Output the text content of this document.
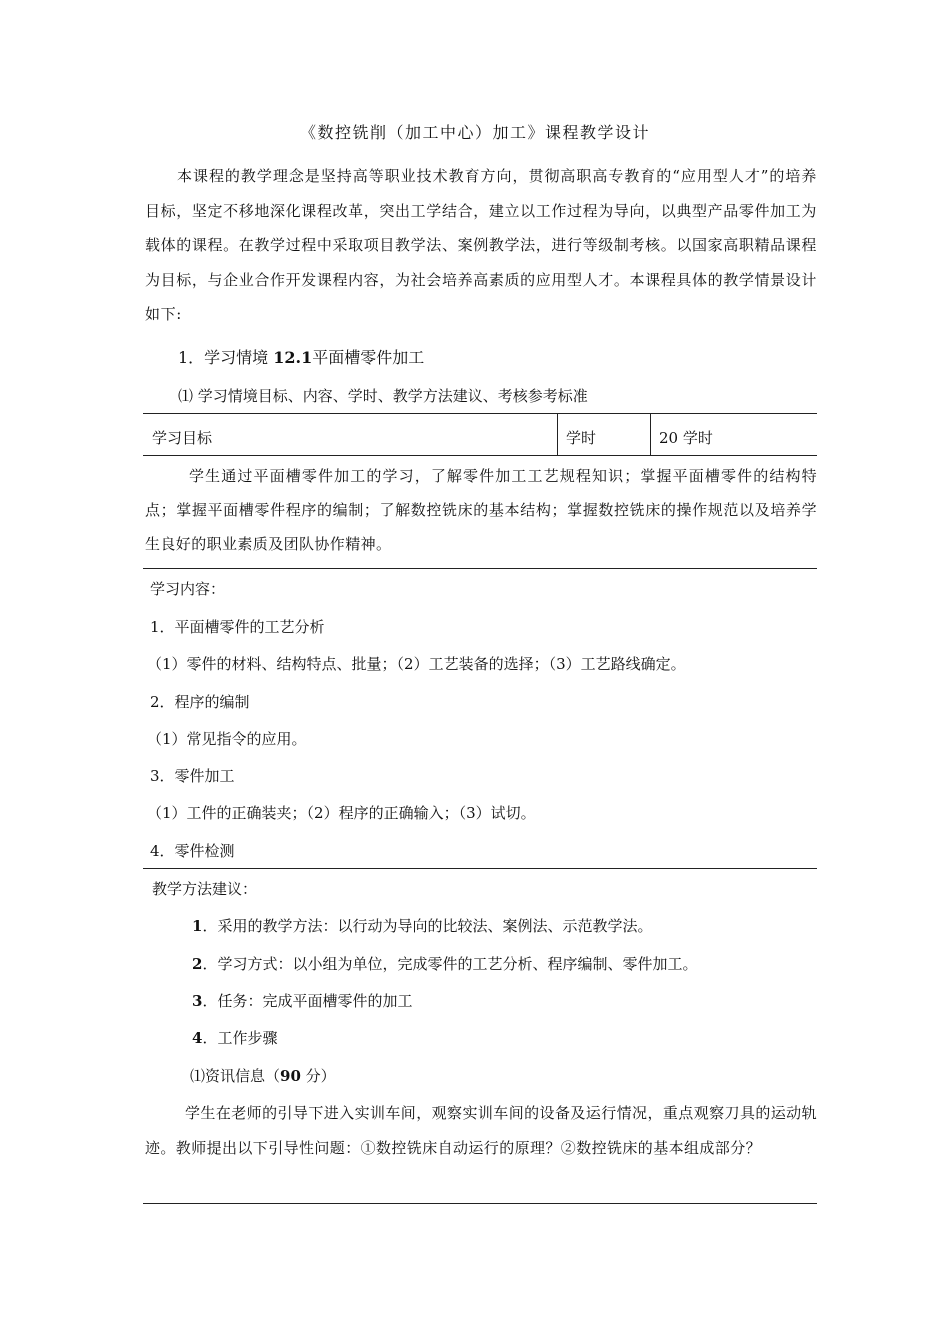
《数控铣削（加工中心）加工》课程教学设计
本课程的教学理念是坚持高等职业技术教育方向，贯彻高职高专教育的“应用型人才”的培养目标，坚定不移地深化课程改革，突出工学结合，建立以工作过程为导向，以典型产品零件加工为载体的课程。在教学过程中采取项目教学法、案例教学法，进行等级制考核。以国家高职精品课程为目标，与企业合作开发课程内容，为社会培养高素质的应用型人才。本课程具体的教学情景设计如下:
1．学习情境 12.1平面槽零件加工
⑴ 学习情境目标、内容、学时、教学方法建议、考核参考标准
学习目标	学时	20 学时
学生通过平面槽零件加工的学习，了解零件加工工艺规程知识；掌握平面槽零件的结构特点；掌握平面槽零件程序的编制；了解数控铣床的基本结构；掌握数控铣床的操作规范以及培养学生良好的职业素质及团队协作精神。
学习内容：
1．平面槽零件的工艺分析
（1）零件的材料、结构特点、批量；（2）工艺装备的选择；（3）工艺路线确定。
2．程序的编制
（1）常见指令的应用。
3．零件加工
（1）工件的正确装夹；（2）程序的正确输入；（3）试切。
4．零件检测
教学方法建议：
1．采用的教学方法：以行动为导向的比较法、案例法、示范教学法。
2．学习方式：以小组为单位，完成零件的工艺分析、程序编制、零件加工。
3．任务：完成平面槽零件的加工
4．工作步骤
⑴资讯信息（90 分）
学生在老师的引导下进入实训车间，观察实训车间的设备及运行情况，重点观察刀具的运动轨迹。教师提出以下引导性问题：①数控铣床自动运行的原理？②数控铣床的基本组成部分？
